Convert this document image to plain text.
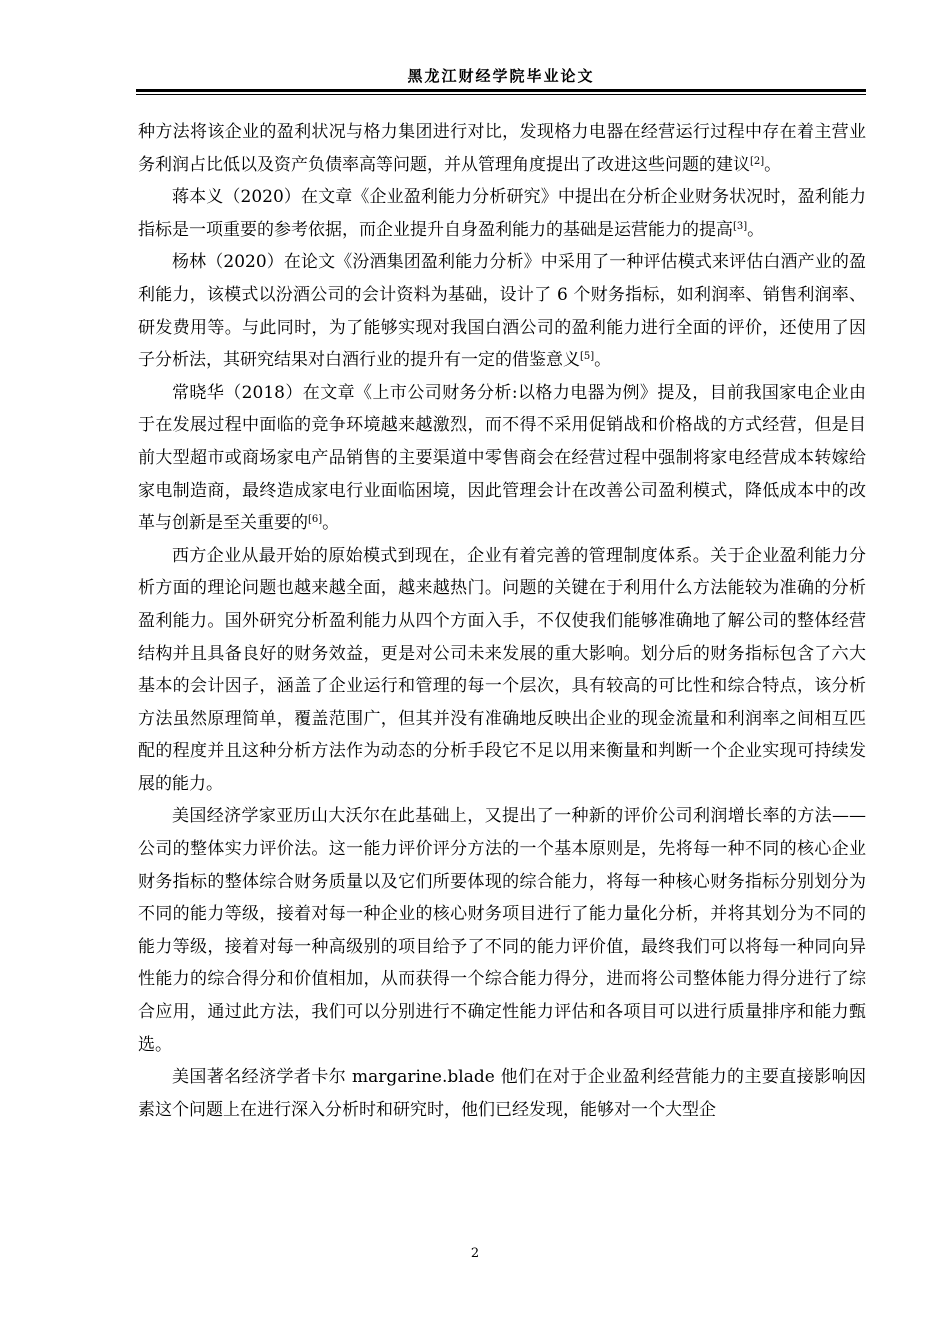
黑龙江财经学院毕业论文

种方法将该企业的盈利状况与格力集团进行对比，发现格力电器在经营运行过程中存在着主营业务利润占比低以及资产负债率高等问题，并从管理角度提出了改进这些问题的建议[2]。

蒋本义（2020）在文章《企业盈利能力分析研究》中提出在分析企业财务状况时，盈利能力指标是一项重要的参考依据，而企业提升自身盈利能力的基础是运营能力的提高[3]。

杨林（2020）在论文《汾酒集团盈利能力分析》中采用了一种评估模式来评估白酒产业的盈利能力，该模式以汾酒公司的会计资料为基础，设计了 6 个财务指标，如利润率、销售利润率、研发费用等。与此同时，为了能够实现对我国白酒公司的盈利能力进行全面的评价，还使用了因子分析法，其研究结果对白酒行业的提升有一定的借鉴意义[5]。

常晓华（2018）在文章《上市公司财务分析:以格力电器为例》提及，目前我国家电企业由于在发展过程中面临的竞争环境越来越激烈，而不得不采用促销战和价格战的方式经营，但是目前大型超市或商场家电产品销售的主要渠道中零售商会在经营过程中强制将家电经营成本转嫁给家电制造商，最终造成家电行业面临困境，因此管理会计在改善公司盈利模式，降低成本中的改革与创新是至关重要的[6]。

西方企业从最开始的原始模式到现在，企业有着完善的管理制度体系。关于企业盈利能力分析方面的理论问题也越来越全面，越来越热门。问题的关键在于利用什么方法能较为准确的分析盈利能力。国外研究分析盈利能力从四个方面入手，不仅使我们能够准确地了解公司的整体经营结构并且具备良好的财务效益，更是对公司未来发展的重大影响。划分后的财务指标包含了六大基本的会计因子，涵盖了企业运行和管理的每一个层次，具有较高的可比性和综合特点，该分析方法虽然原理简单，覆盖范围广，但其并没有准确地反映出企业的现金流量和利润率之间相互匹配的程度并且这种分析方法作为动态的分析手段它不足以用来衡量和判断一个企业实现可持续发展的能力。

美国经济学家亚历山大沃尔在此基础上，又提出了一种新的评价公司利润增长率的方法——公司的整体实力评价法。这一能力评价评分方法的一个基本原则是，先将每一种不同的核心企业财务指标的整体综合财务质量以及它们所要体现的综合能力，将每一种核心财务指标分别划分为不同的能力等级，接着对每一种企业的核心财务项目进行了能力量化分析，并将其划分为不同的能力等级，接着对每一种高级别的项目给予了不同的能力评价值，最终我们可以将每一种同向异性能力的综合得分和价值相加，从而获得一个综合能力得分，进而将公司整体能力得分进行了综合应用，通过此方法，我们可以分别进行不确定性能力评估和各项目可以进行质量排序和能力甄选。

美国著名经济学者卡尔 margarine.blade 他们在对于企业盈利经营能力的主要直接影响因素这个问题上在进行深入分析时和研究时，他们已经发现，能够对一个大型企

2
